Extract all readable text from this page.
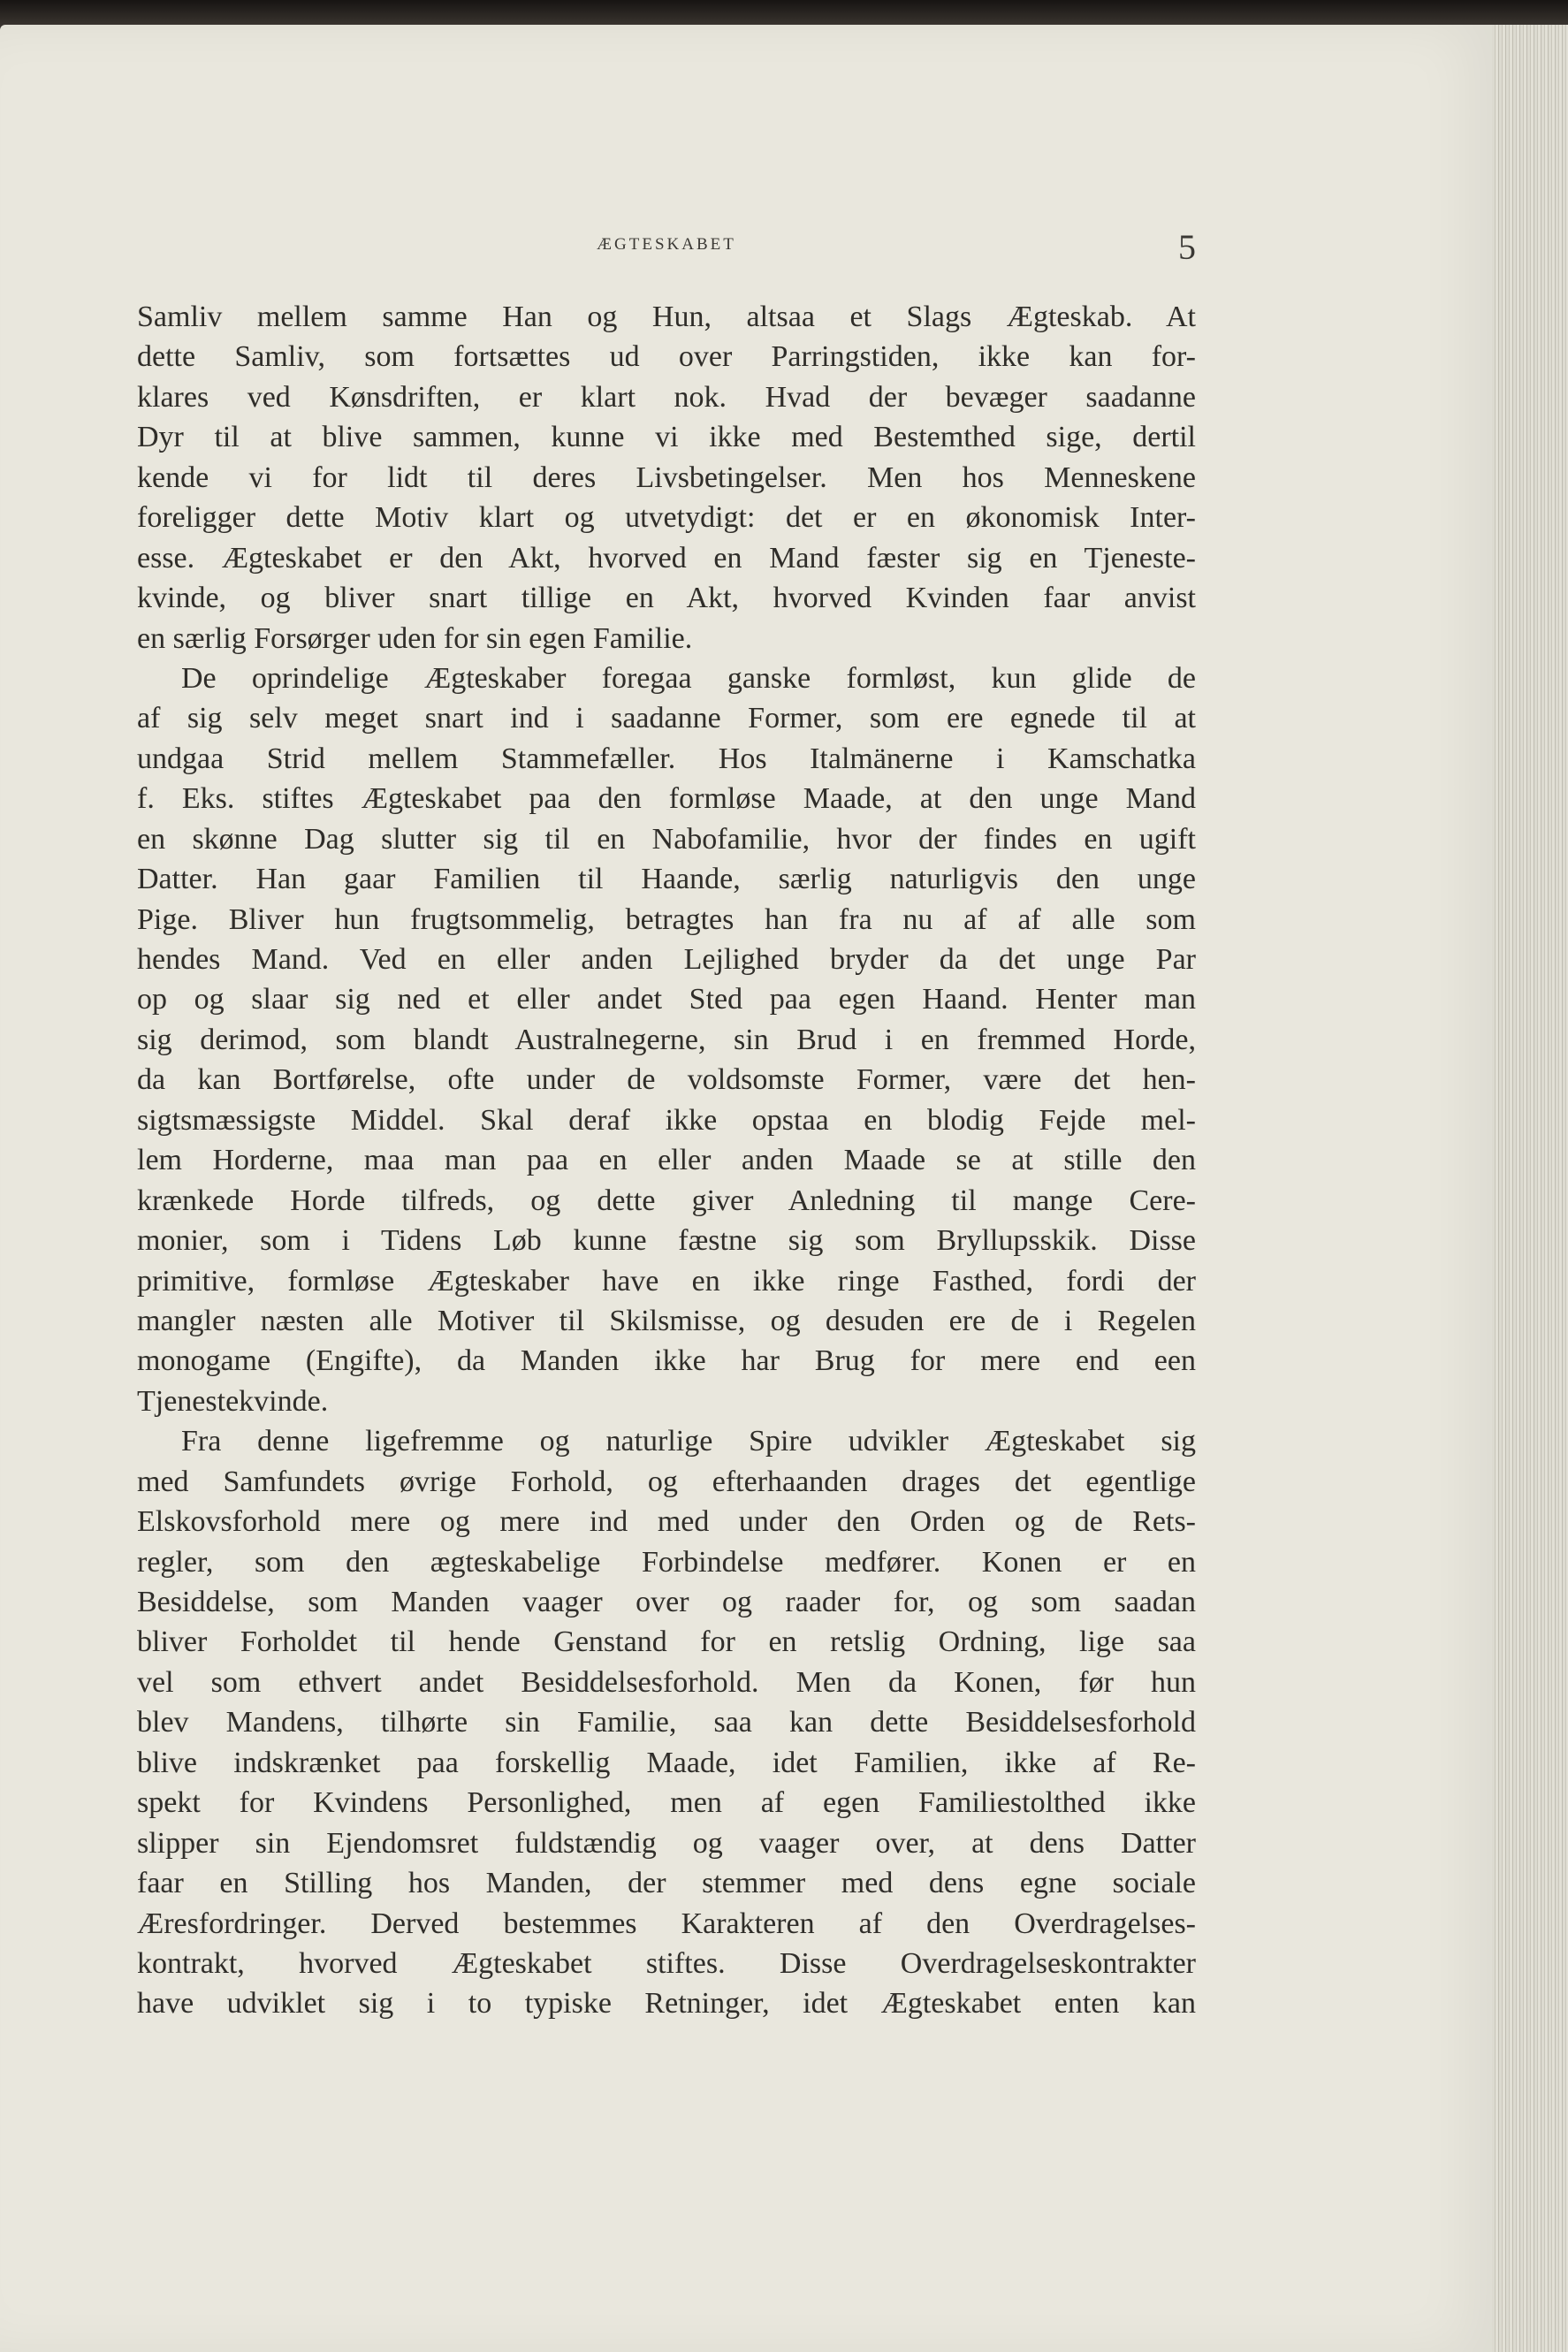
ÆGTESKABET	5
Samliv mellem samme Han og Hun, altsaa et Slags Ægteskab. At
dette Samliv, som fortsættes ud over Parringstiden, ikke kan for-
klares ved Kønsdriften, er klart nok. Hvad der bevæger saadanne
Dyr til at blive sammen, kunne vi ikke med Bestemthed sige, dertil
kende vi for lidt til deres Livsbetingelser. Men hos Menneskene
foreligger dette Motiv klart og utvetydigt: det er en økonomisk Inter-
esse. Ægteskabet er den Akt, hvorved en Mand fæster sig en Tjeneste-
kvinde, og bliver snart tillige en Akt, hvorved Kvinden faar anvist
en særlig Forsørger uden for sin egen Familie.
De oprindelige Ægteskaber foregaa ganske formløst, kun glide de
af sig selv meget snart ind i saadanne Former, som ere egnede til at
undgaa Strid mellem Stammefæller. Hos Italmänerne i Kamschatka
f. Eks. stiftes Ægteskabet paa den formløse Maade, at den unge Mand
en skønne Dag slutter sig til en Nabofamilie, hvor der findes en ugift
Datter. Han gaar Familien til Haande, særlig naturligvis den unge
Pige. Bliver hun frugtsommelig, betragtes han fra nu af af alle som
hendes Mand. Ved en eller anden Lejlighed bryder da det unge Par
op og slaar sig ned et eller andet Sted paa egen Haand. Henter man
sig derimod, som blandt Australnegerne, sin Brud i en fremmed Horde,
da kan Bortførelse, ofte under de voldsomste Former, være det hen-
sigtsmæssigste Middel. Skal deraf ikke opstaa en blodig Fejde mel-
lem Horderne, maa man paa en eller anden Maade se at stille den
krænkede Horde tilfreds, og dette giver Anledning til mange Cere-
monier, som i Tidens Løb kunne fæstne sig som Bryllupsskik. Disse
primitive, formløse Ægteskaber have en ikke ringe Fasthed, fordi der
mangler næsten alle Motiver til Skilsmisse, og desuden ere de i Regelen
monogame (Engifte), da Manden ikke har Brug for mere end een
Tjenestekvinde.
Fra denne ligefremme og naturlige Spire udvikler Ægteskabet sig
med Samfundets øvrige Forhold, og efterhaanden drages det egentlige
Elskovsforhold mere og mere ind med under den Orden og de Rets-
regler, som den ægteskabelige Forbindelse medfører. Konen er en
Besiddelse, som Manden vaager over og raader for, og som saadan
bliver Forholdet til hende Genstand for en retslig Ordning, lige saa
vel som ethvert andet Besiddelsesforhold. Men da Konen, før hun
blev Mandens, tilhørte sin Familie, saa kan dette Besiddelsesforhold
blive indskrænket paa forskellig Maade, idet Familien, ikke af Re-
spekt for Kvindens Personlighed, men af egen Familiestolthed ikke
slipper sin Ejendomsret fuldstændig og vaager over, at dens Datter
faar en Stilling hos Manden, der stemmer med dens egne sociale
Æresfordringer. Derved bestemmes Karakteren af den Overdragelses-
kontrakt, hvorved Ægteskabet stiftes. Disse Overdragelseskontrakter
have udviklet sig i to typiske Retninger, idet Ægteskabet enten kan
